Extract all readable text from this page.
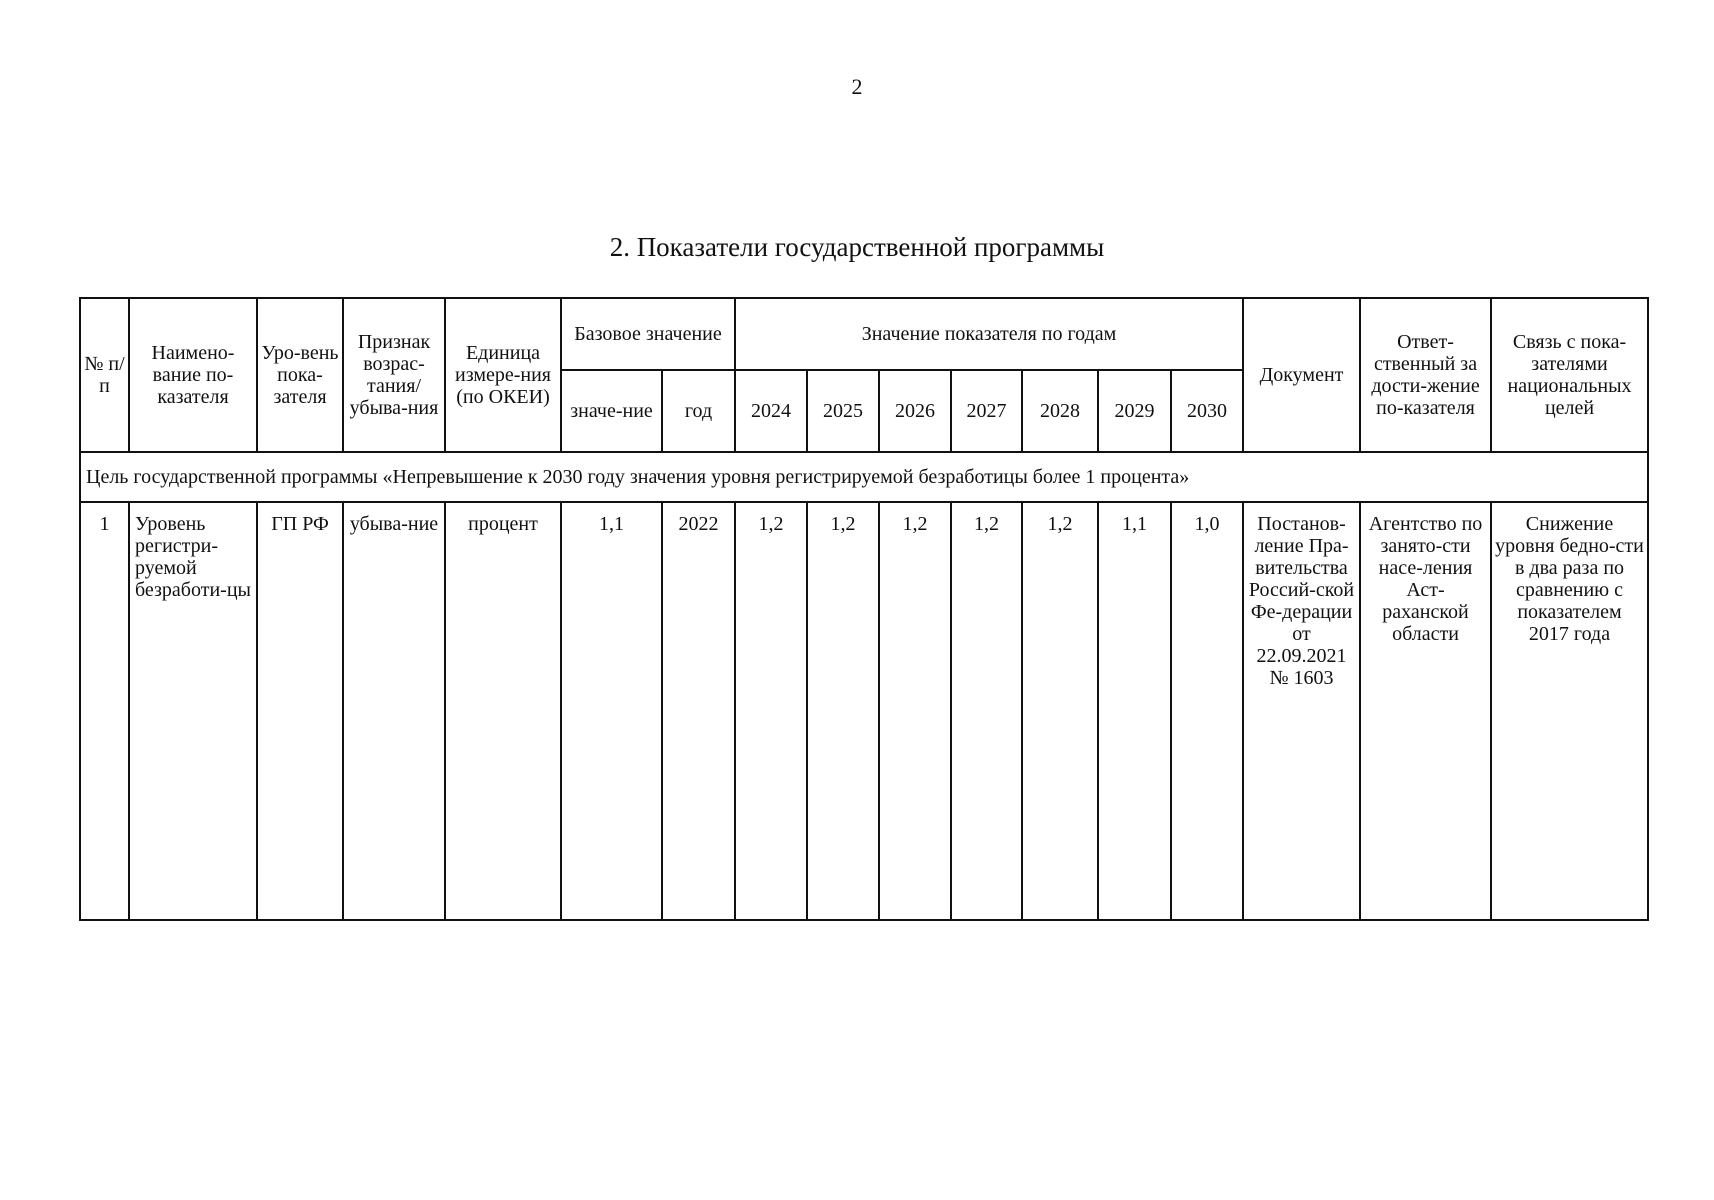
2
2. Показатели государственной программы
№ п/п	Наимено-вание по-казателя	Уро-вень пока-зателя	Признак возрас-тания/ убыва-ния	Единица измере-ния (по ОКЕИ)	Базовое значение		Значение показателя по годам							Документ	Ответ-ственный за дости-жение по-казателя	Связь с пока-зателями национальных целей
					значе-ние	год	2024	2025	2026	2027	2028	2029	2030			
Цель государственной программы «Непревышение к 2030 году значения уровня регистрируемой безработицы более 1 процента»																
1	Уровень регистри-руемой безработи-цы	ГП РФ	убыва-ние	процент	1,1	2022	1,2	1,2	1,2	1,2	1,2	1,1	1,0	Постанов-ление Пра-вительства Россий-ской Фе-дерации от 22.09.2021 № 1603	Агентство по занято-сти насе-ления Аст-раханской области	Снижение уровня бедно-сти в два раза по сравнению с показателем 2017 года
